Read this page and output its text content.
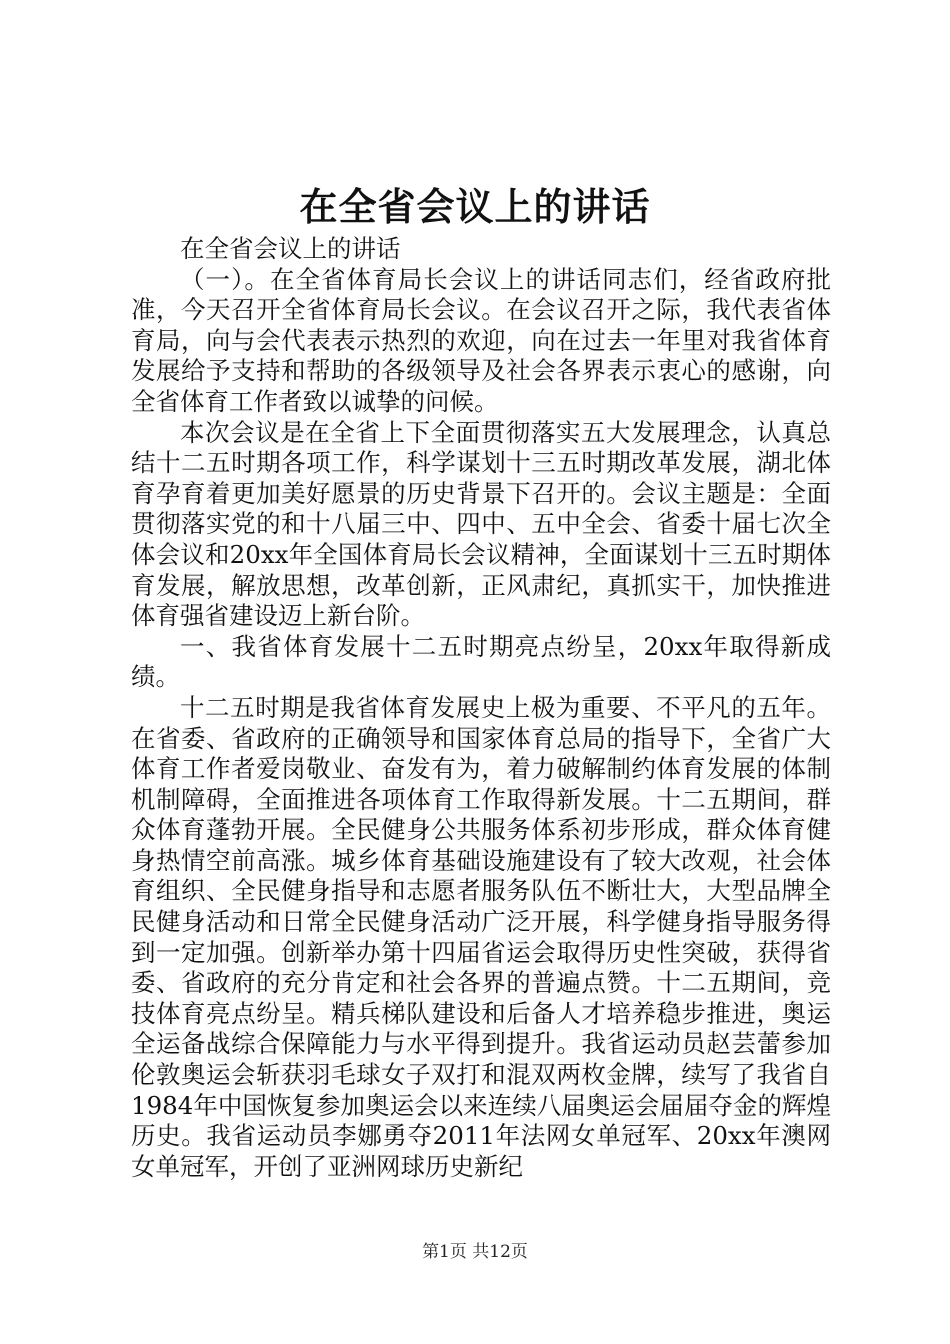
在全省会议上的讲话

在全省会议上的讲话

（一）。在全省体育局长会议上的讲话同志们，经省政府批准，今天召开全省体育局长会议。在会议召开之际，我代表省体育局，向与会代表表示热烈的欢迎，向在过去一年里对我省体育发展给予支持和帮助的各级领导及社会各界表示衷心的感谢，向全省体育工作者致以诚挚的问候。

本次会议是在全省上下全面贯彻落实五大发展理念，认真总结十二五时期各项工作，科学谋划十三五时期改革发展，湖北体育孕育着更加美好愿景的历史背景下召开的。会议主题是：全面贯彻落实党的和十八届三中、四中、五中全会、省委十届七次全体会议和20xx年全国体育局长会议精神，全面谋划十三五时期体育发展，解放思想，改革创新，正风肃纪，真抓实干，加快推进体育强省建设迈上新台阶。

一、我省体育发展十二五时期亮点纷呈，20xx年取得新成绩。

十二五时期是我省体育发展史上极为重要、不平凡的五年。在省委、省政府的正确领导和国家体育总局的指导下，全省广大体育工作者爱岗敬业、奋发有为，着力破解制约体育发展的体制机制障碍，全面推进各项体育工作取得新发展。十二五期间，群众体育蓬勃开展。全民健身公共服务体系初步形成，群众体育健身热情空前高涨。城乡体育基础设施建设有了较大改观，社会体育组织、全民健身指导和志愿者服务队伍不断壮大，大型品牌全民健身活动和日常全民健身活动广泛开展，科学健身指导服务得到一定加强。创新举办第十四届省运会取得历史性突破，获得省委、省政府的充分肯定和社会各界的普遍点赞。十二五期间，竞技体育亮点纷呈。精兵梯队建设和后备人才培养稳步推进，奥运全运备战综合保障能力与水平得到提升。我省运动员赵芸蕾参加伦敦奥运会斩获羽毛球女子双打和混双两枚金牌，续写了我省自1984年中国恢复参加奥运会以来连续八届奥运会届届夺金的辉煌历史。我省运动员李娜勇夺2011年法网女单冠军、20xx年澳网女单冠军，开创了亚洲网球历史新纪

第1页 共12页
